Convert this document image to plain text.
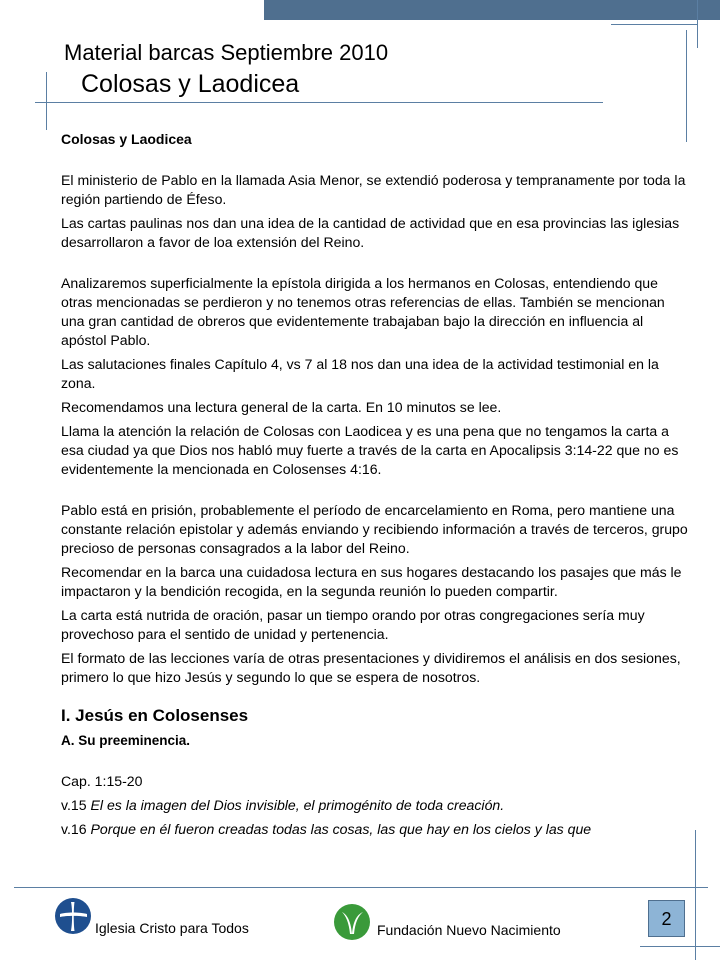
Material barcas Septiembre 2010
Colosas y Laodicea

Colosas y Laodicea

El ministerio de Pablo en la llamada Asia Menor, se extendió poderosa y tempranamente por toda la región partiendo de Éfeso.

Las cartas paulinas nos dan una idea de la cantidad de actividad que en esa provincias las iglesias desarrollaron a favor de loa extensión del Reino.

Analizaremos superficialmente la epístola dirigida a los hermanos en Colosas, entendiendo que otras mencionadas se perdieron y no tenemos otras referencias de ellas. También se mencionan una gran cantidad de obreros que evidentemente trabajaban bajo la dirección en influencia al apóstol Pablo.

Las salutaciones finales Capítulo 4, vs 7 al 18 nos dan una idea de la actividad testimonial en la zona.

Recomendamos una lectura general de la carta. En 10 minutos se lee.

Llama la atención la relación de Colosas con Laodicea y es una pena que no tengamos la carta a esa ciudad ya que Dios nos habló muy fuerte a través de la carta en Apocalipsis 3:14-22 que no es evidentemente la mencionada en Colosenses 4:16.

Pablo está en prisión, probablemente el período de encarcelamiento en Roma, pero mantiene una constante relación epistolar y además enviando y recibiendo información a través de terceros, grupo precioso de personas consagrados a la labor del Reino.

Recomendar en la barca una cuidadosa lectura en sus hogares destacando los pasajes que más le impactaron y la bendición recogida, en la segunda reunión lo pueden compartir.

La carta está nutrida de oración, pasar un tiempo orando por otras congregaciones sería muy provechoso para el sentido de unidad y pertenencia.

El formato de las lecciones varía de otras presentaciones y dividiremos el análisis en dos sesiones, primero lo que hizo Jesús y segundo lo que se espera de nosotros.

I. Jesús en Colosenses

A. Su preeminencia.

Cap. 1:15-20

v.15 El es la imagen del Dios invisible, el primogénito de toda creación.

v.16 Porque en él fueron creadas todas las cosas, las que hay en los cielos y las que

Iglesia Cristo para Todos	Fundación Nuevo Nacimiento
2
